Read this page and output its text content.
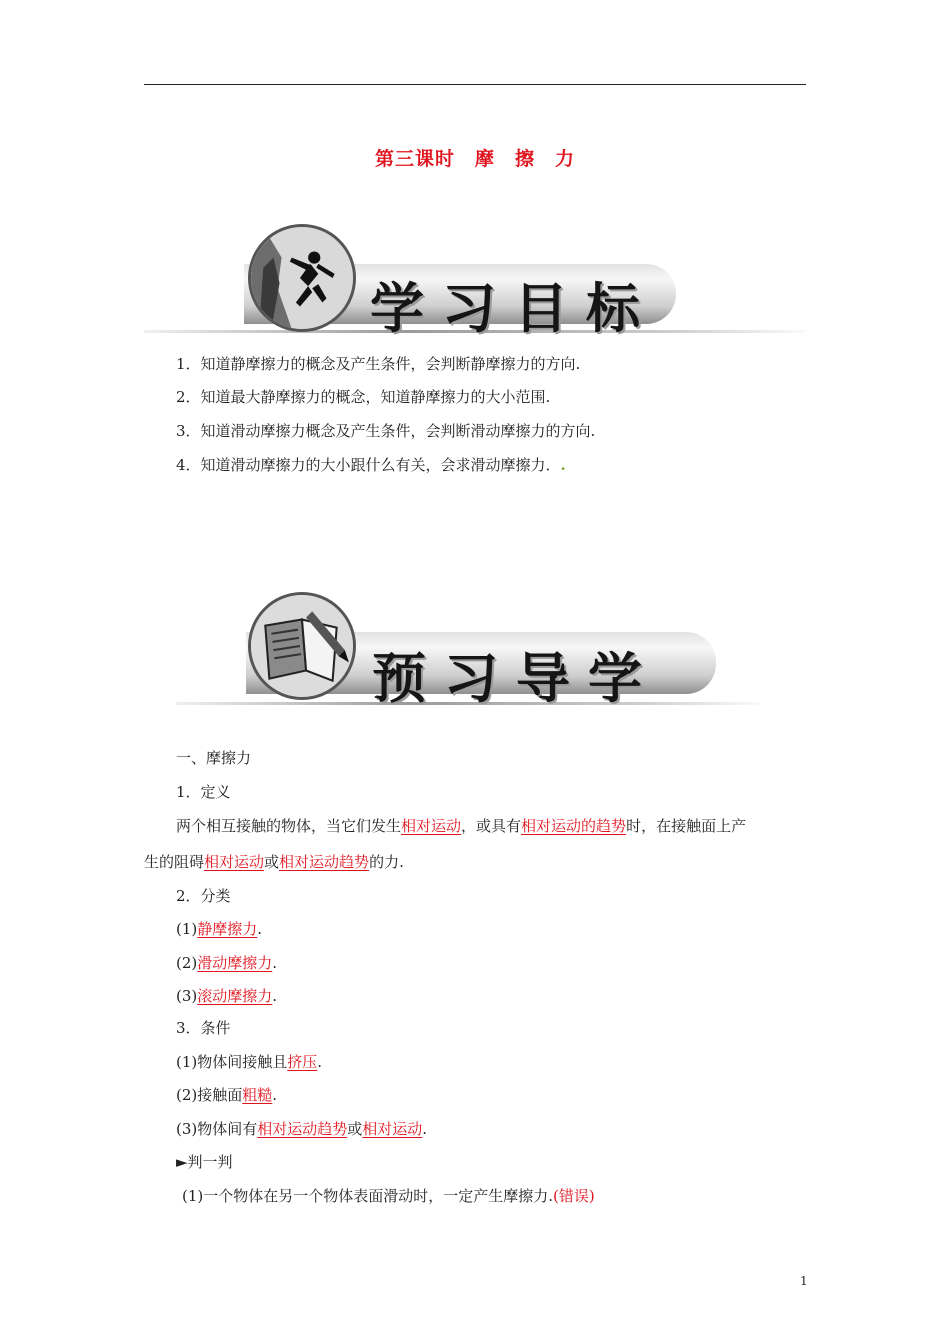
第三课时　摩　擦　力
学习目标
1．知道静摩擦力的概念及产生条件，会判断静摩擦力的方向.
2．知道最大静摩擦力的概念，知道静摩擦力的大小范围.
3．知道滑动摩擦力概念及产生条件，会判断滑动摩擦力的方向.
4．知道滑动摩擦力的大小跟什么有关，会求滑动摩擦力．.
预习导学
一、摩擦力
1．定义
两个相互接触的物体，当它们发生相对运动，或具有相对运动的趋势时，在接触面上产
生的阻碍相对运动或相对运动趋势的力.
2．分类
(1)静摩擦力.
(2)滑动摩擦力.
(3)滚动摩擦力.
3．条件
(1)物体间接触且挤压.
(2)接触面粗糙.
(3)物体间有相对运动趋势或相对运动.
►判一判
(1)一个物体在另一个物体表面滑动时，一定产生摩擦力.(错误)
1
